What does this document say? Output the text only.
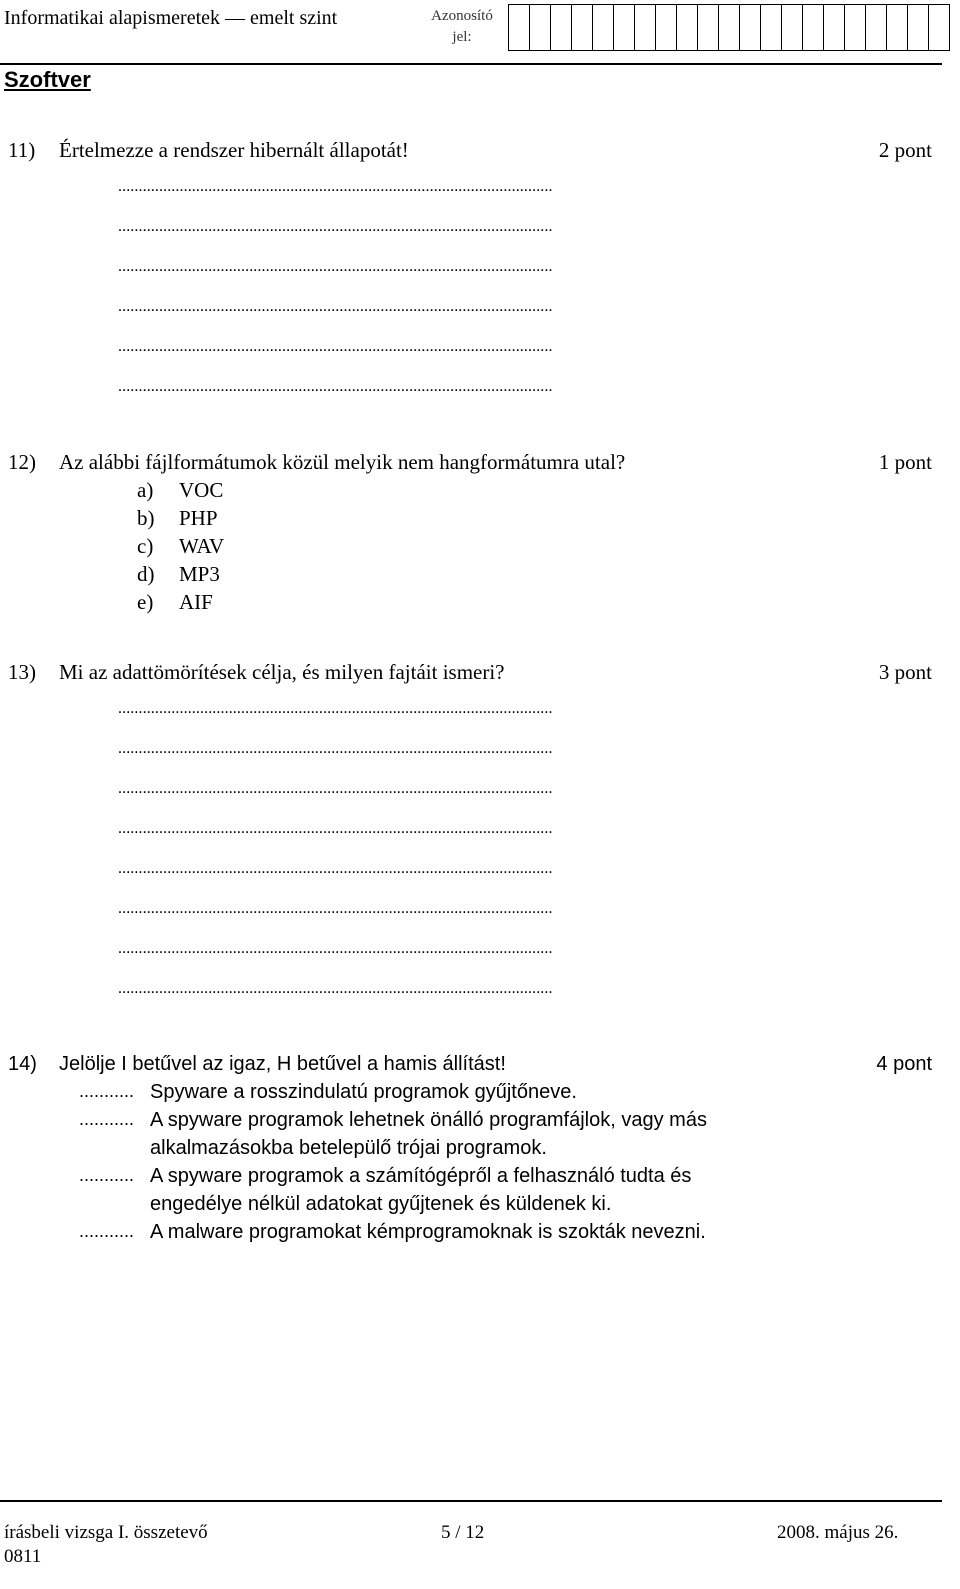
Informatikai alapismeretek — emelt szint	Azonosító
jel:
Szoftver
11) Értelmezze a rendszer hibernált állapotát!	2 pont
..........................................................................................................
..........................................................................................................
..........................................................................................................
..........................................................................................................
..........................................................................................................
..........................................................................................................
12) Az alábbi fájlformátumok közül melyik nem hangformátumra utal?	1 pont
a) VOC
b) PHP
c) WAV
d) MP3
e) AIF
13) Mi az adattömörítések célja, és milyen fajtáit ismeri?	3 pont
..........................................................................................................
..........................................................................................................
..........................................................................................................
..........................................................................................................
..........................................................................................................
..........................................................................................................
..........................................................................................................
..........................................................................................................
14) Jelölje I betűvel az igaz, H betűvel a hamis állítást!	4 pont
........... Spyware a rosszindulatú programok gyűjtőneve.
........... A spyware programok lehetnek önálló programfájlok, vagy más
alkalmazásokba betelepülő trójai programok.
........... A spyware programok a számítógépről a felhasználó tudta és
engedélye nélkül adatokat gyűjtenek és küldenek ki.
........... A malware programokat kémprogramoknak is szokták nevezni.
írásbeli vizsga I. összetevő	5 / 12	2008. május 26.
0811
